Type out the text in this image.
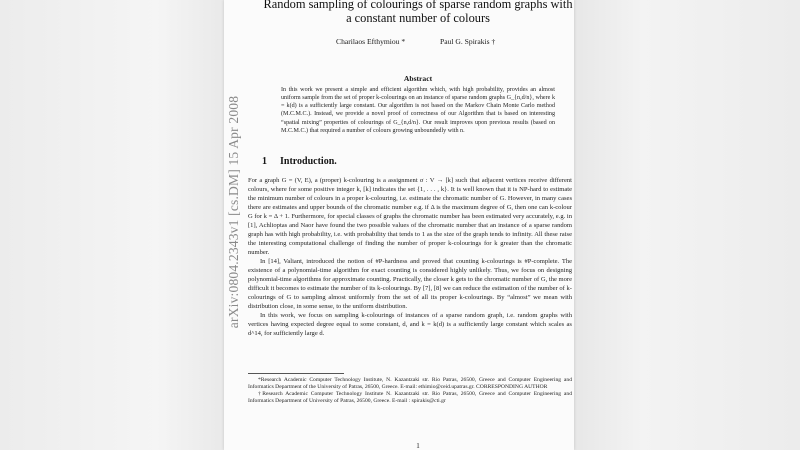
arXiv:0804.2343v1 [cs.DM] 15 Apr 2008
Random sampling of colourings of sparse random graphs with a constant number of colours
Charilaos Efthymiou *	Paul G. Spirakis †
Abstract
In this work we present a simple and efficient algorithm which, with high probability, provides an almost uniform sample from the set of proper k-colourings on an instance of sparse random graphs G_{n,d/n}, where k = k(d) is a sufficiently large constant. Our algorithm is not based on the Markov Chain Monte Carlo method (M.C.M.C.). Instead, we provide a novel proof of correctness of our Algorithm that is based on interesting “spatial mixing” properties of colourings of G_{n,d/n}. Our result improves upon previous results (based on M.C.M.C.) that required a number of colours growing unboundedly with n.
1 Introduction.

For a graph G = (V, E), a (proper) k-colouring is a assignment σ : V → [k] such that adjacent vertices receive different colours, where for some positive integer k, [k] indicates the set {1, . . . , k}. It is well known that it is NP-hard to estimate the minimum number of colours in a proper k-colouring, i.e. estimate the chromatic number of G. However, in many cases there are estimates and upper bounds of the chromatic number e.g. if Δ is the maximum degree of G, then one can k-colour G for k = Δ + 1. Furthermore, for special classes of graphs the chromatic number has been estimated very accurately, e.g. in [1], Achlioptas and Naor have found the two possible values of the chromatic number that an instance of a sparse random graph has with high probability, i.e. with probability that tends to 1 as the size of the graph tends to infinity. All these raise the interesting computational challenge of finding the number of proper k-colourings for k greater than the chromatic number.

In [14], Valiant, introduced the notion of #P-hardness and proved that counting k-colourings is #P-complete. The existence of a polynomial-time algorithm for exact counting is considered highly unlikely. Thus, we focus on designing polynomial-time algorithms for approximate counting. Practically, the closer k gets to the chromatic number of G, the more difficult it becomes to estimate the number of its k-colourings. By [7], [8] we can reduce the estimation of the number of k-colourings of G to sampling almost uniformly from the set of all its proper k-colourings. By “almost” we mean with distribution close, in some sense, to the uniform distribution.

In this work, we focus on sampling k-colourings of instances of a sparse random graph, i.e. random graphs with vertices having expected degree equal to some constant, d, and k = k(d) is a sufficiently large constant which scales as d^14, for sufficiently large d.

*Research Academic Computer Technology Institute, N. Kazantzaki str. Rio Patras, 26500, Greece and Computer Engineering and Informatics Department of the University of Patras, 26500, Greece. E-mail: ethimio@ceid.upatras.gr. CORRESPONDING AUTHOR

†Research Academic Computer Technology Institute N. Kazantzaki str. Rio Patras, 26500, Greece and Computer Engineering and Informatics Department of University of Patras, 26500, Greece. E-mail : spirakis@cti.gr

1
